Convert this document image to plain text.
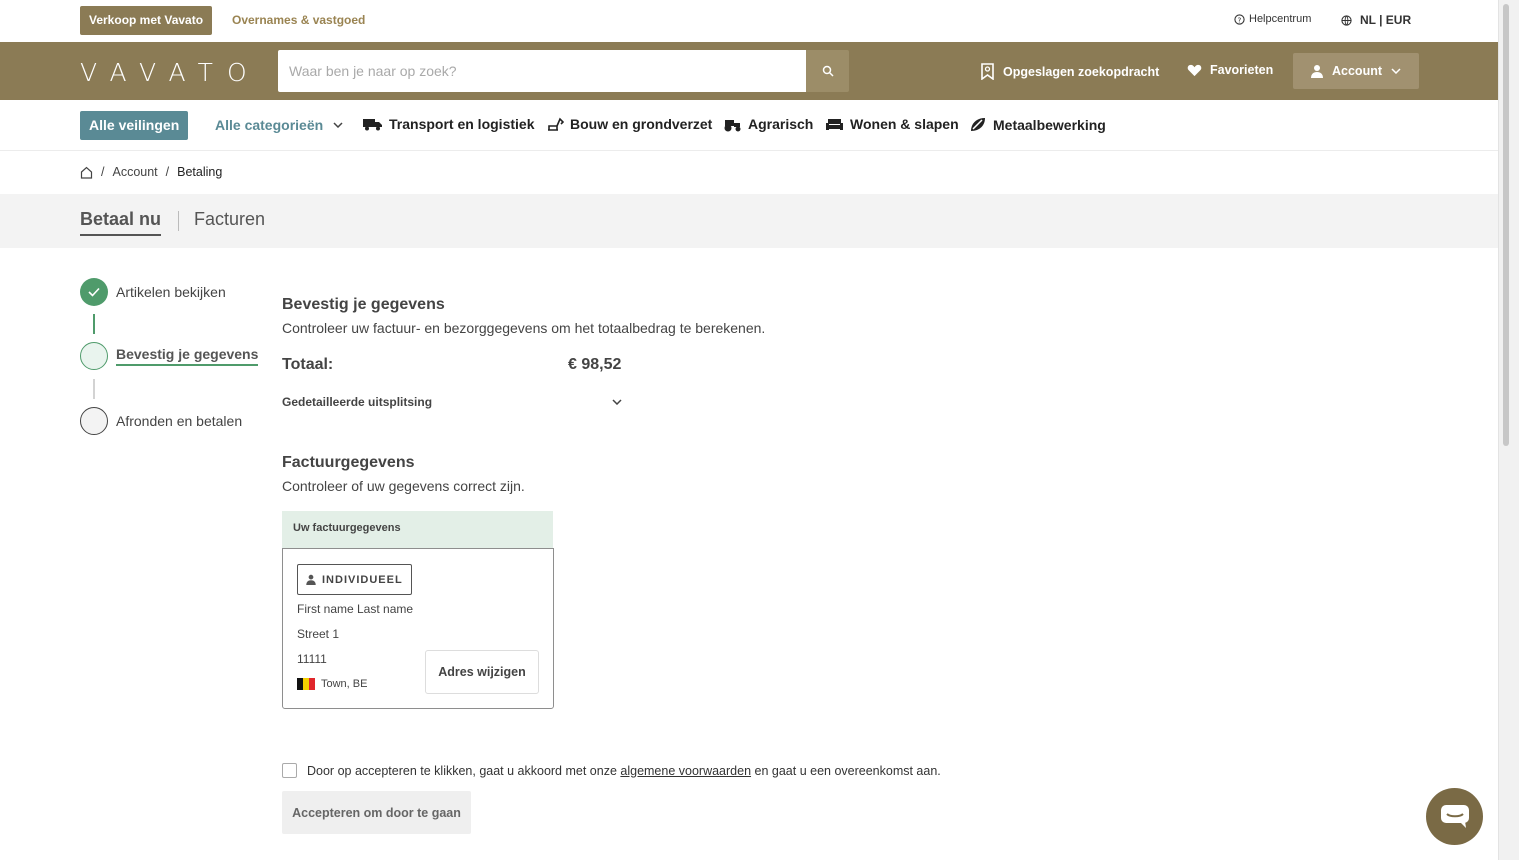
Verkoop met Vavato	Overnames & vastgoed	? Helpcentrum	NL | EUR
VAVATO
Waar ben je naar op zoek?	Opgeslagen zoekopdracht	Favorieten	Account
Alle veilingen	Alle categorieën	Transport en logistiek	Bouw en grondverzet	Agrarisch	Wonen & slapen Metaalbewerking
/ Account / Betaling
Betaal nu Facturen
Artikelen bekijken
Bevestig je gegevens
Afronden en betalen
Bevestig je gegevens
Controleer uw factuur- en bezorggegevens om het totaalbedrag te berekenen.
Totaal:	€ 98,52
Gedetailleerde uitsplitsing
Factuurgegevens
Controleer of uw gegevens correct zijn.
Uw factuurgegevens
INDIVIDUEEL
First name Last name
Street 1
11111
Town, BE
Adres wijzigen
Door op accepteren te klikken, gaat u akkoord met onze algemene voorwaarden en gaat u een overeenkomst aan.
Accepteren om door te gaan
